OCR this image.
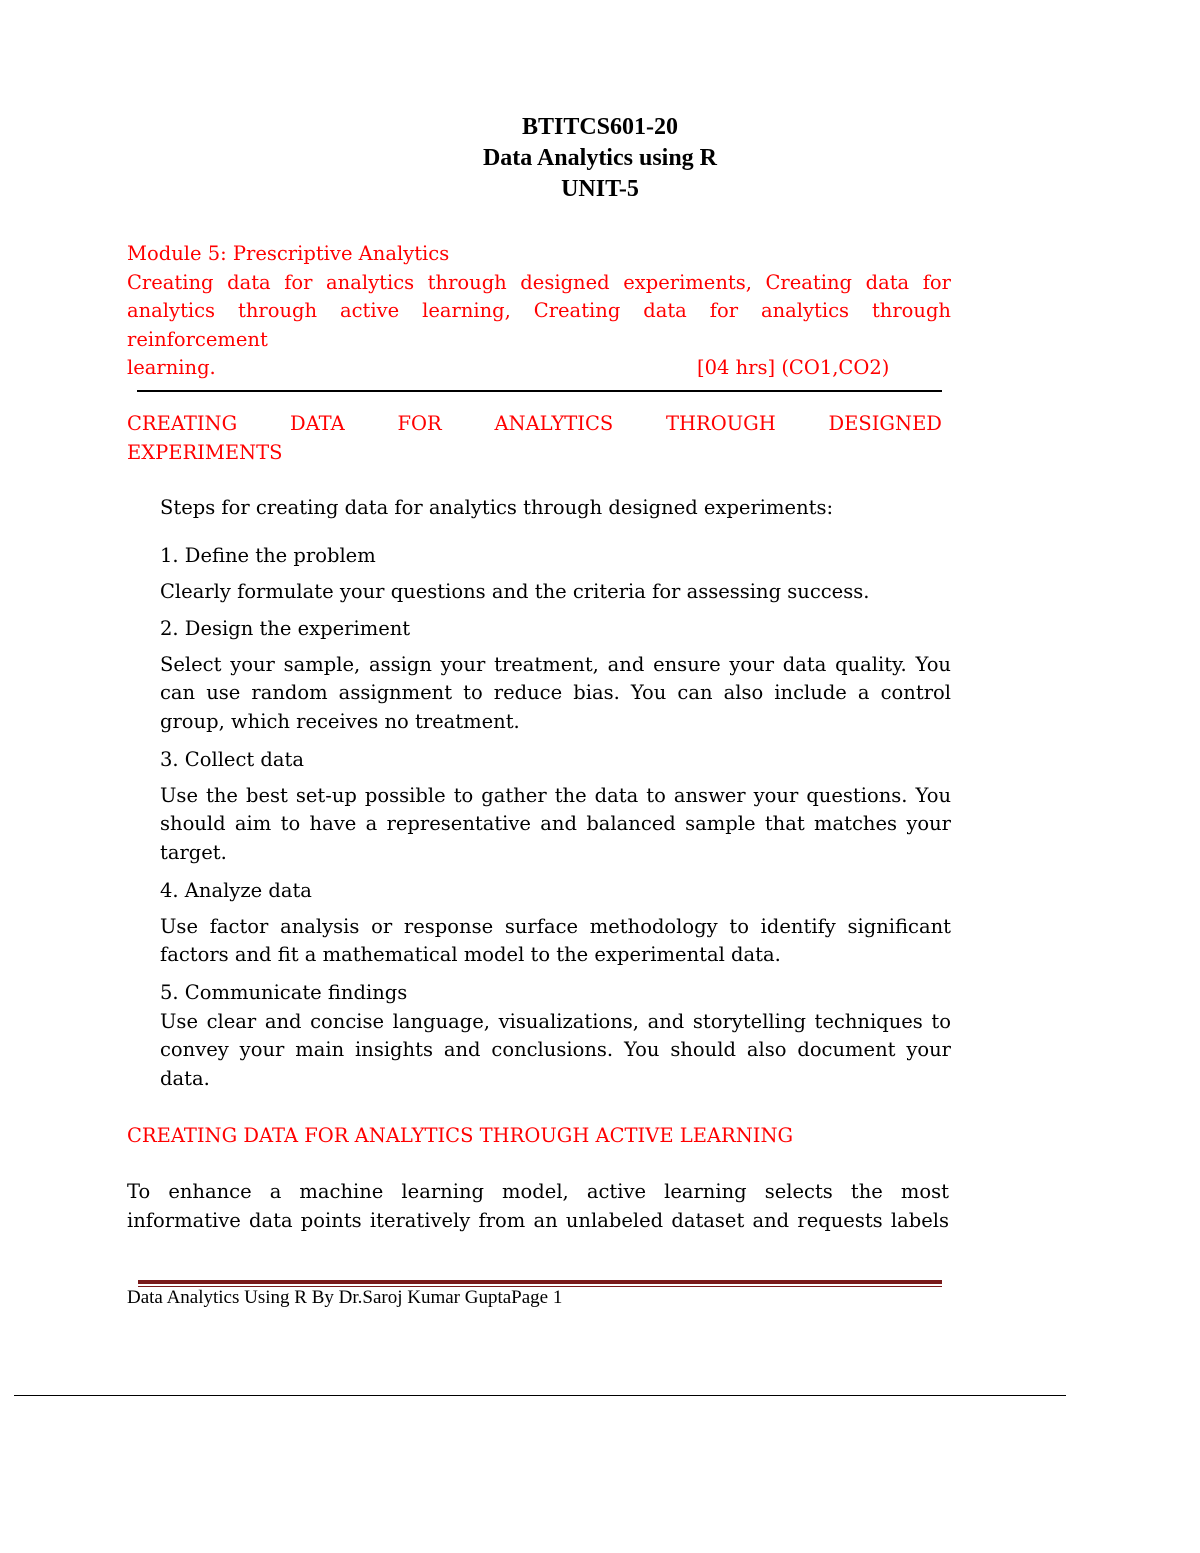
BTITCS601-20
Data Analytics using R
UNIT-5
Module 5: Prescriptive Analytics
Creating data for analytics through designed experiments, Creating data for
analytics through active learning, Creating data for analytics through reinforcement
learning.	[04 hrs] (CO1,CO2)
CREATING	DATA	FOR	ANALYTICS	THROUGH	DESIGNED
EXPERIMENTS
Steps for creating data for analytics through designed experiments:
1. Define the problem
Clearly formulate your questions and the criteria for assessing success.
2. Design the experiment
Select your sample, assign your treatment, and ensure your data quality. You can use random assignment to reduce bias. You can also include a control group, which receives no treatment.
3. Collect data
Use the best set-up possible to gather the data to answer your questions. You should aim to have a representative and balanced sample that matches your target.
4. Analyze data
Use factor analysis or response surface methodology to identify significant factors and fit a mathematical model to the experimental data.
5. Communicate findings
Use clear and concise language, visualizations, and storytelling techniques to convey your main insights and conclusions. You should also document your data.
CREATING DATA FOR ANALYTICS THROUGH ACTIVE LEARNING
To enhance a machine learning model, active learning selects the most
informative data points iteratively from an unlabeled dataset and requests labels
Data Analytics Using R By Dr.Saroj Kumar GuptaPage 1
